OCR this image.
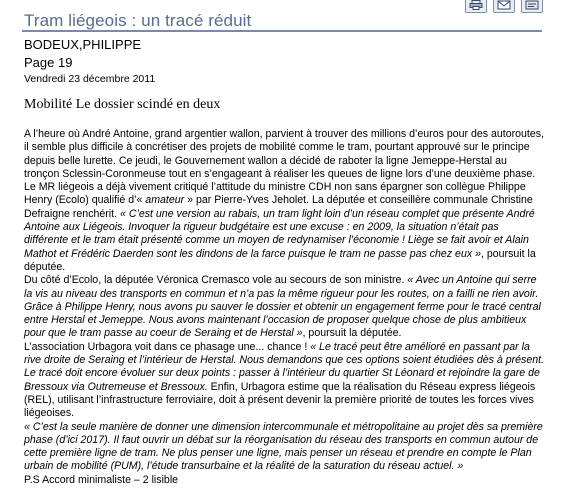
Tram liégeois : un tracé réduit
BODEUX,PHILIPPE
Page 19
Vendredi 23 décembre 2011
Mobilité Le dossier scindé en deux

A l’heure où André Antoine, grand argentier wallon, parvient à trouver des millions d’euros pour des autoroutes, il semble plus difficile à concrétiser des projets de mobilité comme le tram, pourtant approuvé sur le principe depuis belle lurette. Ce jeudi, le Gouvernement wallon a décidé de raboter la ligne Jemeppe-Herstal au tronçon Sclessin-Coronmeuse tout en s’engageant à réaliser les queues de ligne lors d’une deuxième phase.

Le MR liégeois a déjà vivement critiqué l’attitude du ministre CDH non sans épargner son collègue Philippe Henry (Ecolo) qualifié d’« amateur » par Pierre-Yves Jeholet. La députée et conseillère communale Christine Defraigne renchérit. « C’est une version au rabais, un tram light loin d’un réseau complet que présente André Antoine aux Liégeois. Invoquer la rigueur budgétaire est une excuse : en 2009, la situation n’était pas différente et le tram était présenté comme un moyen de redynamiser l’économie ! Liège se fait avoir et Alain Mathot et Frédéric Daerden sont les dindons de la farce puisque le tram ne passe pas chez eux », poursuit la députée.

Du côté d’Ecolo, la députée Véronica Cremasco vole au secours de son ministre. « Avec un Antoine qui serre la vis au niveau des transports en commun et n’a pas la même rigueur pour les routes, on a failli ne rien avoir. Grâce à Philippe Henry, nous avons pu sauver le dossier et obtenir un engagement ferme pour le tracé central entre Herstal et Jemeppe. Nous avons maintenant l’occasion de proposer quelque chose de plus ambitieux pour que le tram passe au coeur de Seraing et de Herstal », poursuit la députée.

L’association Urbagora voit dans ce phasage une... chance ! « Le tracé peut être amélioré en passant par la rive droite de Seraing et l’intérieur de Herstal. Nous demandons que ces options soient étudiées dès à présent. Le tracé doit encore évoluer sur deux points : passer à l’intérieur du quartier St Léonard et rejoindre la gare de Bressoux via Outremeuse et Bressoux. Enfin, Urbagora estime que la réalisation du Réseau express liégeois (REL), utilisant l’infrastructure ferroviaire, doit à présent devenir la première priorité de toutes les forces vives liégeoises.

« C’est la seule manière de donner une dimension intercommunale et métropolitaine au projet dès sa première phase (d’ici 2017). Il faut ouvrir un débat sur la réorganisation du réseau des transports en commun autour de cette première ligne de tram. Ne plus penser une ligne, mais penser un réseau et prendre en compte le Plan urbain de mobilité (PUM), l’étude transurbaine et la réalité de la saturation du réseau actuel. »

P.S Accord minimaliste – 2 lisible
